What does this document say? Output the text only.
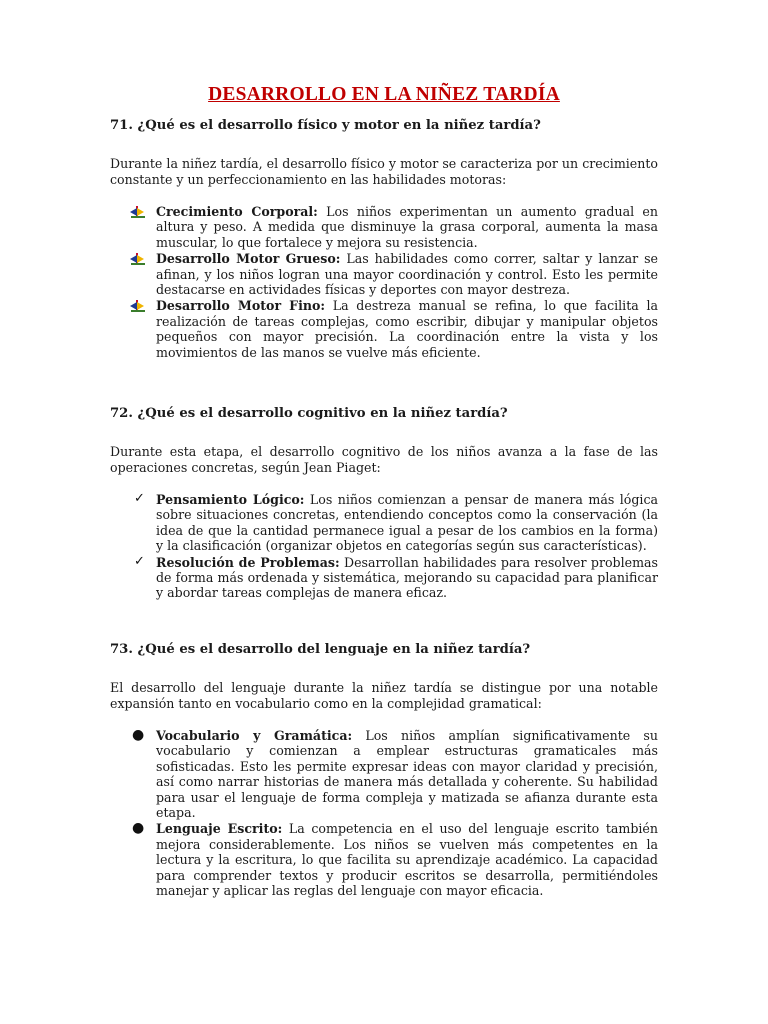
DESARROLLO EN LA NIÑEZ TARDÍA

71. ¿Qué es el desarrollo físico y motor en la niñez tardía?

Durante la niñez tardía, el desarrollo físico y motor se caracteriza por un crecimiento constante y un perfeccionamiento en las habilidades motoras:

Crecimiento Corporal: Los niños experimentan un aumento gradual en altura y peso. A medida que disminuye la grasa corporal, aumenta la masa muscular, lo que fortalece y mejora su resistencia.
Desarrollo Motor Grueso: Las habilidades como correr, saltar y lanzar se afinan, y los niños logran una mayor coordinación y control. Esto les permite destacarse en actividades físicas y deportes con mayor destreza.
Desarrollo Motor Fino: La destreza manual se refina, lo que facilita la realización de tareas complejas, como escribir, dibujar y manipular objetos pequeños con mayor precisión. La coordinación entre la vista y los movimientos de las manos se vuelve más eficiente.

72. ¿Qué es el desarrollo cognitivo en la niñez tardía?

Durante esta etapa, el desarrollo cognitivo de los niños avanza a la fase de las operaciones concretas, según Jean Piaget:

✓ Pensamiento Lógico: Los niños comienzan a pensar de manera más lógica sobre situaciones concretas, entendiendo conceptos como la conservación (la idea de que la cantidad permanece igual a pesar de los cambios en la forma) y la clasificación (organizar objetos en categorías según sus características).
✓ Resolución de Problemas: Desarrollan habilidades para resolver problemas de forma más ordenada y sistemática, mejorando su capacidad para planificar y abordar tareas complejas de manera eficaz.

73. ¿Qué es el desarrollo del lenguaje en la niñez tardía?

El desarrollo del lenguaje durante la niñez tardía se distingue por una notable expansión tanto en vocabulario como en la complejidad gramatical:

● Vocabulario y Gramática: Los niños amplían significativamente su vocabulario y comienzan a emplear estructuras gramaticales más sofisticadas. Esto les permite expresar ideas con mayor claridad y precisión, así como narrar historias de manera más detallada y coherente. Su habilidad para usar el lenguaje de forma compleja y matizada se afianza durante esta etapa.
● Lenguaje Escrito: La competencia en el uso del lenguaje escrito también mejora considerablemente. Los niños se vuelven más competentes en la lectura y la escritura, lo que facilita su aprendizaje académico. La capacidad para comprender textos y producir escritos se desarrolla, permitiéndoles manejar y aplicar las reglas del lenguaje con mayor eficacia.
